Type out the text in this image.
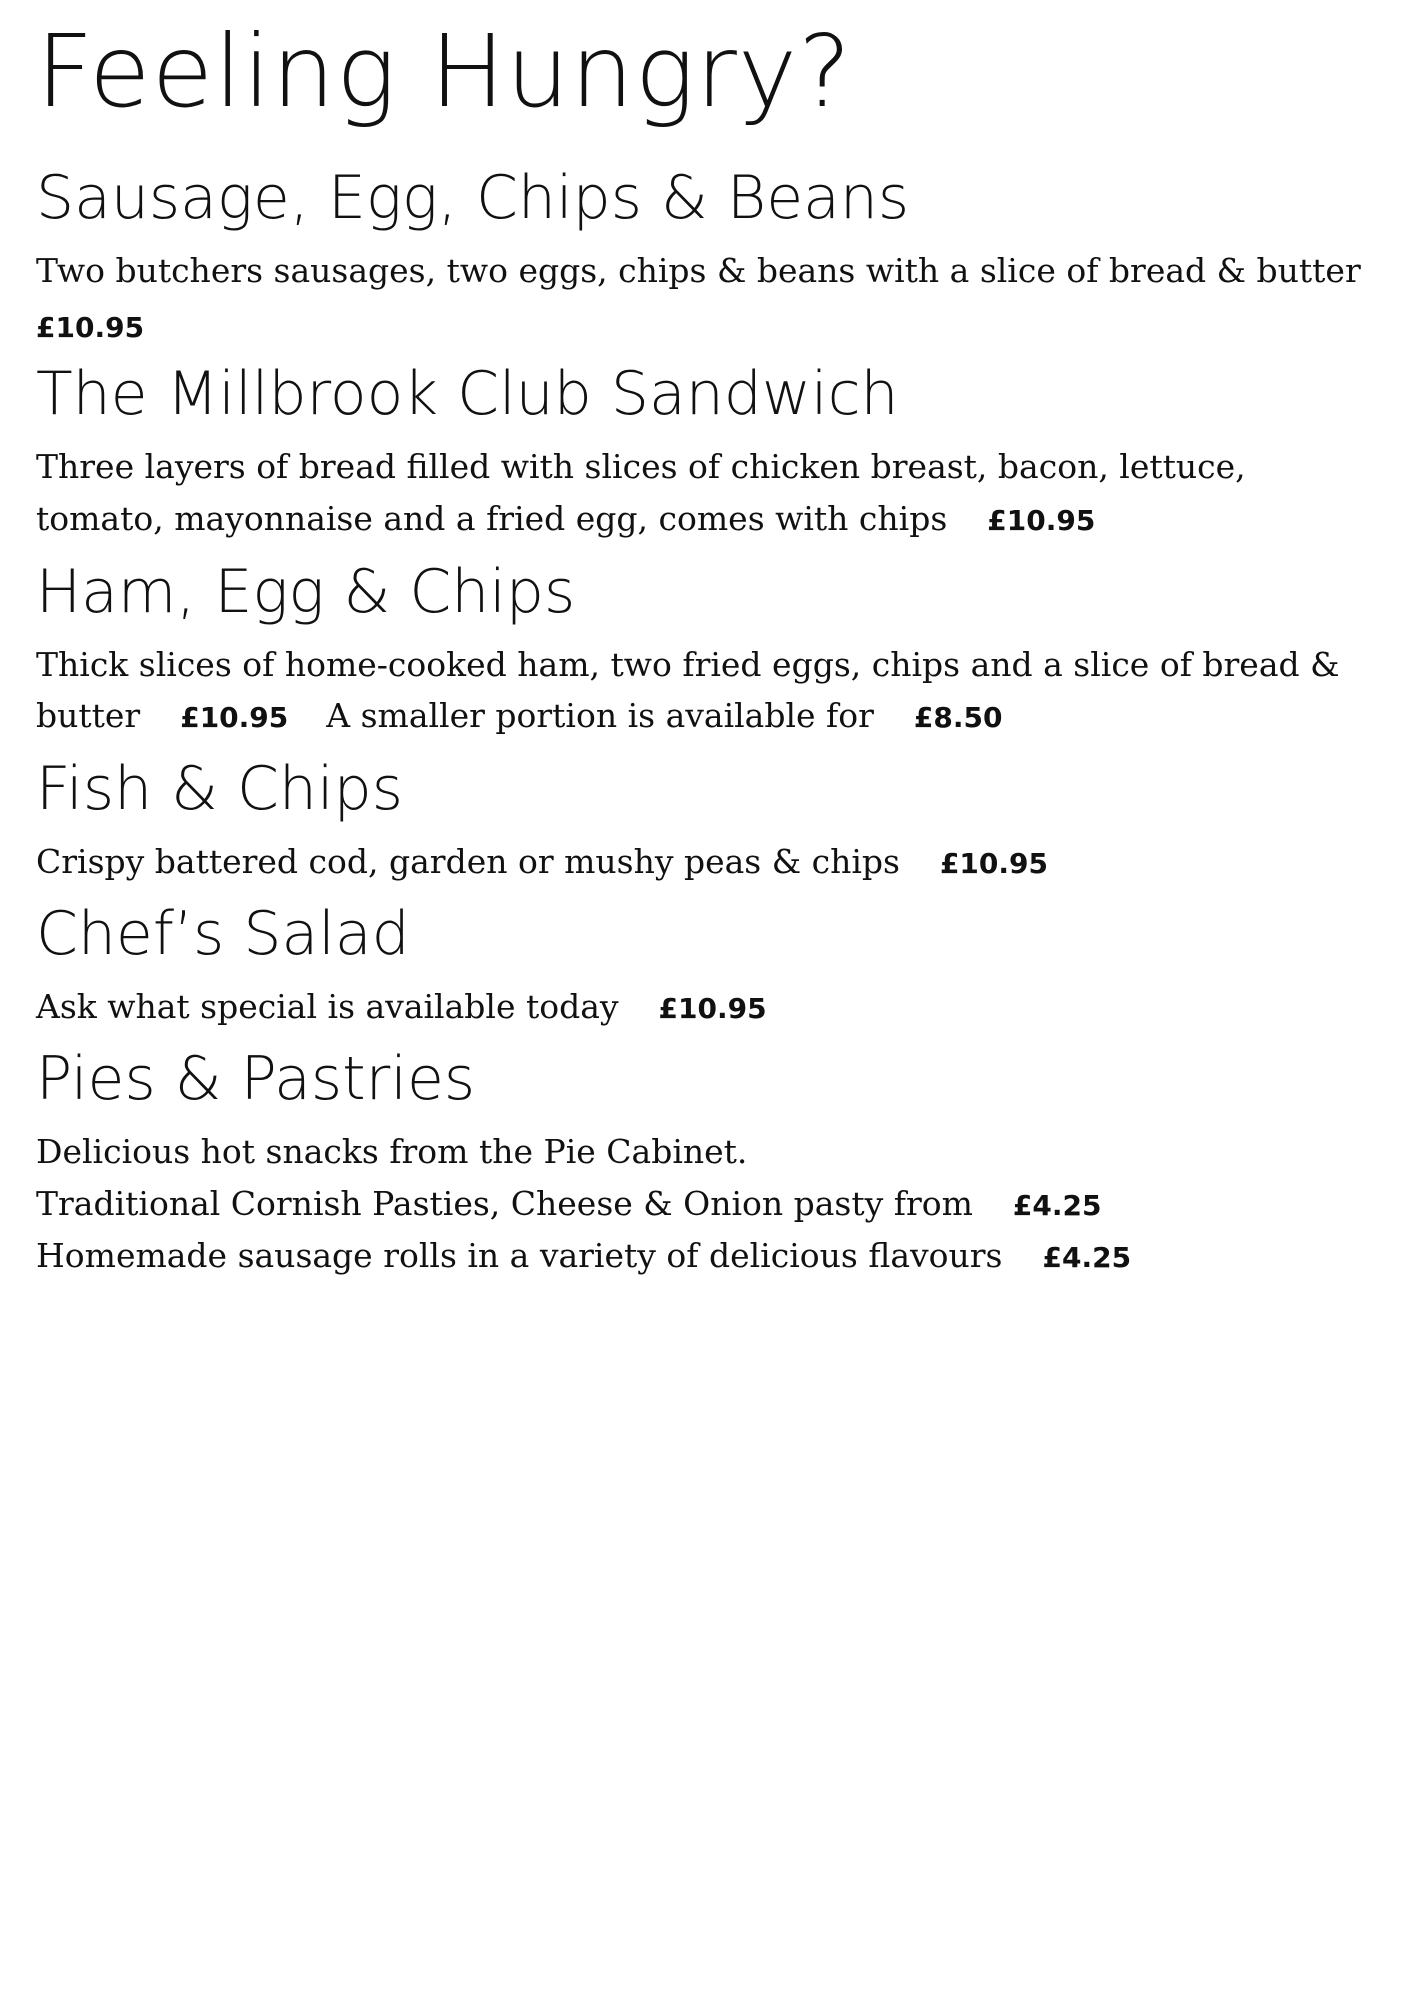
Feeling Hungry?
Sausage, Egg, Chips & Beans
Two butchers sausages, two eggs, chips & beans with a slice of bread & butter
£10.95
The Millbrook Club Sandwich
Three layers of bread filled with slices of chicken breast, bacon, lettuce,
tomato, mayonnaise and a fried egg, comes with chips £10.95
Ham, Egg & Chips
Thick slices of home-cooked ham, two fried eggs, chips and a slice of bread &
butter £10.95 A smaller portion is available for £8.50
Fish & Chips
Crispy battered cod, garden or mushy peas & chips £10.95
Chef’s Salad
Ask what special is available today £10.95
Pies & Pastries
Delicious hot snacks from the Pie Cabinet.
Traditional Cornish Pasties, Cheese & Onion pasty from £4.25
Homemade sausage rolls in a variety of delicious flavours £4.25
